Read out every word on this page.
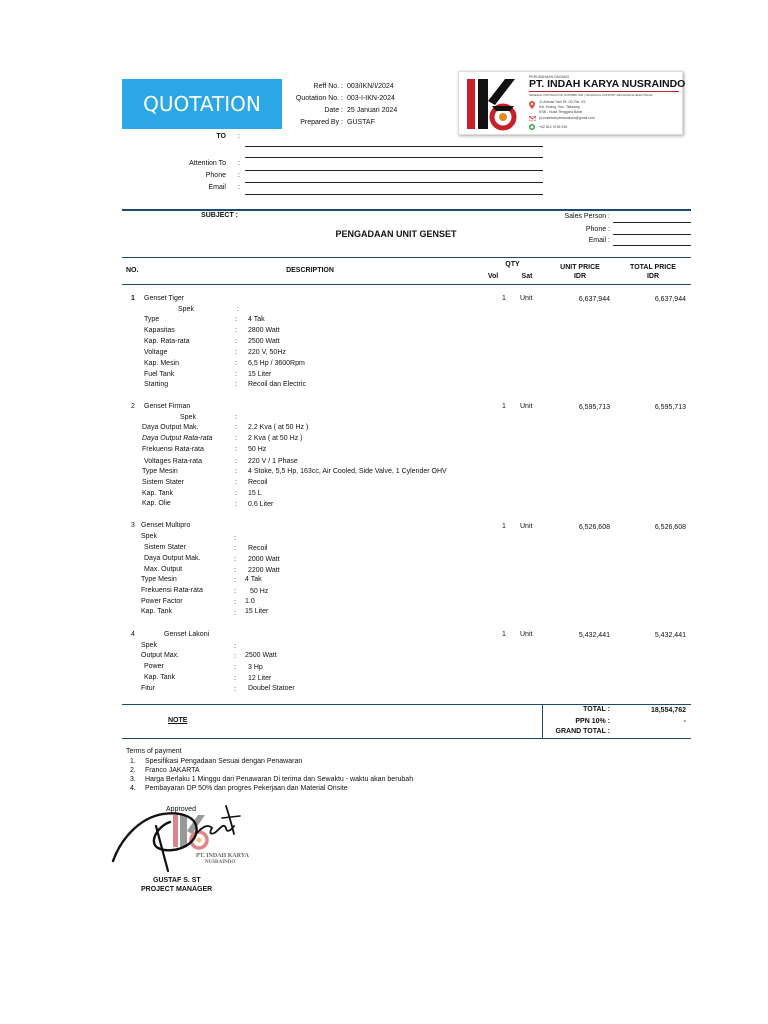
QUOTATION
Reff No. : 003/IKN/I/2024
Quotation No. : 003-I-IKN-2024
Date : 25 Januari 2024
Prepared By : GUSTAF
PERUSAHAAN DAGANG
PT. INDAH KARYA NUSRAINDO
GENERAL CONTRACTOR, DISTRIBUTOR | TECHNICAL SUPPORT, MECHANICAL/ELECTRICAL
Jl. Ahmad Yani Rt. 02/ Rw. 03,
Kel. Kuang, Kec. Taliwang
KSB - Nusa Tenggara Barat
pt.indahkaryanusraindo@gmail.com
+62 812 3745 516
TO :
Attention To :
Phone :
Email :
SUBJECT :
PENGADAAN UNIT GENSET
Sales Person :
Phone :
Email :
NO.	DESCRIPTION
QTY
Vol	Sat
UNIT PRICE
IDR
TOTAL PRICE
IDR
1 Genset Tiger	1	Unit	6,637,944	6,637,944
Spek	:
Type	: 4 Tak
Kapasitas	: 2800 Watt
Kap. Rata-rata	: 2500 Watt
Voltage	: 220 V, 50Hz
Kap. Mesin	: 6,5 Hp / 3600Rpm
Fuel Tank	: 15 Liter
Starting	: Recoil dan Electric
2 Genset Firman	1	Unit	6,595,713	6,595,713
Spek	:
Daya Output Mak.	: 2.2 Kva ( at 50 Hz )
Daya Output Rata-rata	: 2 Kva ( at 50 Hz )
Frekuensi Rata-rata	: 50 Hz
Voltages Rata-rata	: 220 V / 1 Phase
Type Mesin	: 4 Stoke, 5,5 Hp, 163cc, Air Cooled, Side Valve, 1 Cylender OHV
Sistem Stater	: Recoil
Kap. Tank	: 15 L
Kap. Olie	: 0,6 Liter
3 Genset Multipro	1	Unit	6,526,608	6,526,608
Spek	:
Sistem Stater	: Recoil
Daya Output Mak.	: 2000 Watt
Max. Output	: 2200 Watt
Type Mesin	: 4 Tak
Frekuensi Rata-rata	: 50 Hz
Power Factor	: 1.0
Kap. Tank	: 15 Liter
4	Genset Lakoni	1	Unit	5,432,441	5,432,441
Spek	:
Output Max.	: 2500 Watt
Power	: 3 Hp
Kap. Tank	: 12 Liter
Fitur	: Doubel Statoer
NOTE
TOTAL :	18,554,762
PPN 10% :	-
GRAND TOTAL :
Terms of payment
1. Spesifikasi Pengadaan Sesuai dengan Penawaran
2. Franco JAKARTA
3. Harga Berlaku 1 Minggu dari Penawaran Di terima dan Sewaktu - waktu akan berubah
4. Pembayaran DP 50% dan progres Pekerjaan dan Material Onsite
Approved
PT. INDAH KARYA
NUSRAINDO
GUSTAF S. ST
PROJECT MANAGER
